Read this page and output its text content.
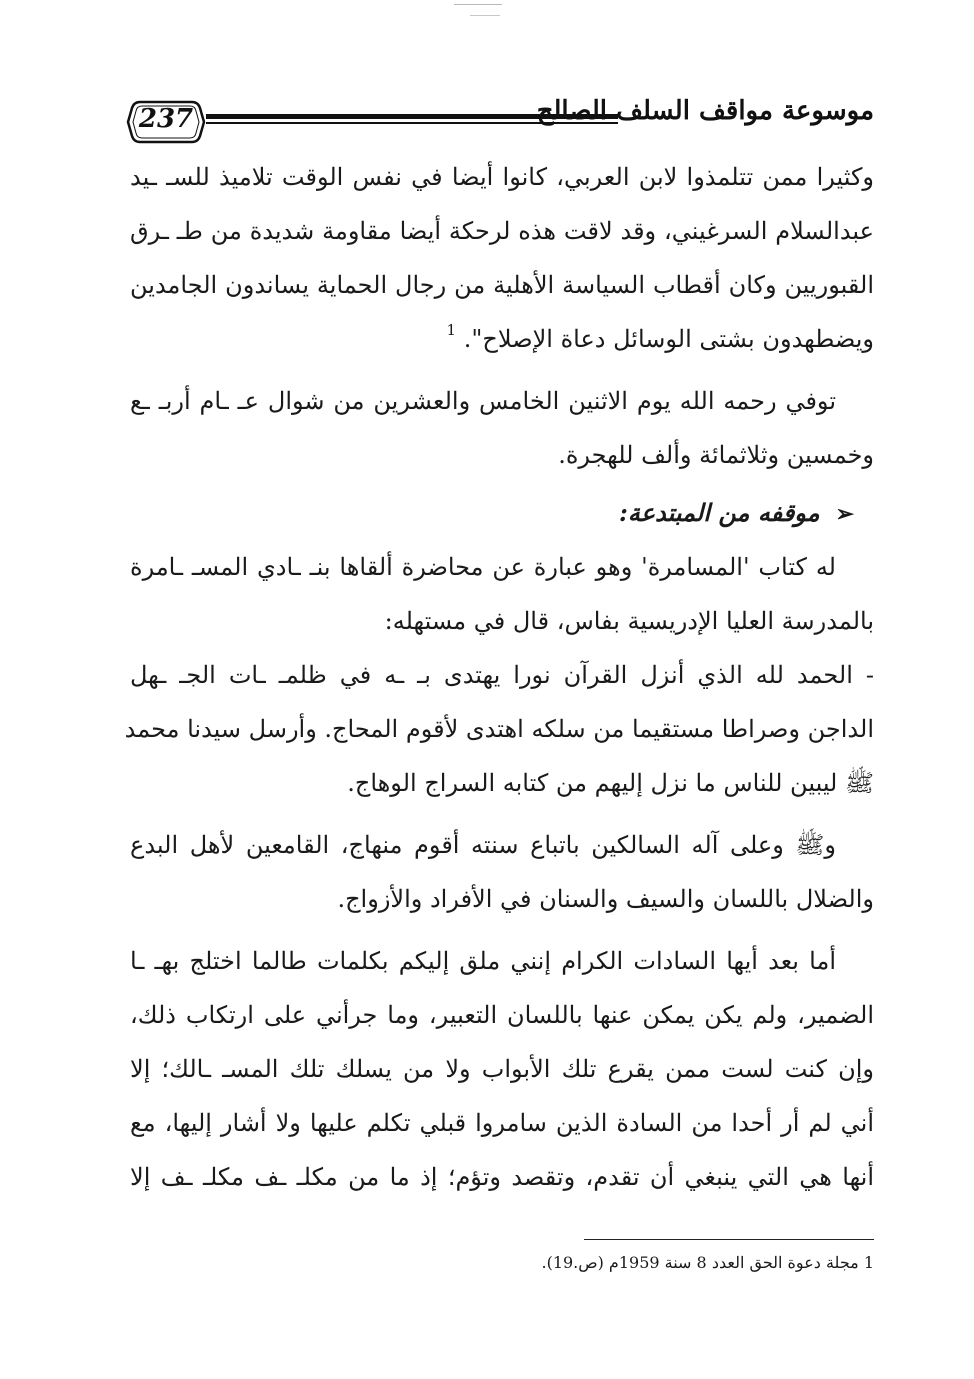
237	موسوعة مواقف السلف الصالح
وكثيرا ممن تتلمذوا لابن العربي، كانوا أيضا في نفس الوقت تلاميذ للسـ ـيد
عبدالسلام السرغيني، وقد لاقت هذه لرحكة أيضا مقاومة شديدة من طـ ـرق
القبوريين وكان أقطاب السياسة الأهلية من رجال الحماية يساندون الجامدين
ويضطهدون بشتى الوسائل دعاة الإصلاح". $^1$
توفي رحمه الله يوم الاثنين الخامس والعشرين من شوال عـ ـام أربـ ـع
وخمسين وثلاثمائة وألف للهجرة.
➢موقفه من المبتدعة:
له كتاب 'المسامرة' وهو عبارة عن محاضرة ألقاها بنـ ـادي المسـ ـامرة
بالمدرسة العليا الإدريسية بفاس، قال في مستهله:
- الحمد لله الذي أنزل القرآن نورا يهتدى بـ ـه في ظلمـ ـات الجـ ـهل
الداجن وصراطا مستقيما من سلكه اهتدى لأقوم المحاج. وأرسل سيدنا محمد
ﷺ ليبين للناس ما نزل إليهم من كتابه السراج الوهاج.
وﷺ وعلى آله السالكين باتباع سنته أقوم منهاج، القامعين لأهل البدع
والضلال باللسان والسيف والسنان في الأفراد والأزواج.
أما بعد أيها السادات الكرام إنني ملق إليكم بكلمات طالما اختلج بهـ ـا
الضمير، ولم يكن يمكن عنها باللسان التعبير، وما جرأني على ارتكاب ذلك،
وإن كنت لست ممن يقرع تلك الأبواب ولا من يسلك تلك المسـ ـالك؛ إلا
أني لم أر أحدا من السادة الذين سامروا قبلي تكلم عليها ولا أشار إليها، مع
أنها هي التي ينبغي أن تقدم، وتقصد وتؤم؛ إذ ما من مكلـ ـف مكلـ ـف إلا
1 مجلة دعوة الحق العدد 8 سنة 1959م (ص.19).
